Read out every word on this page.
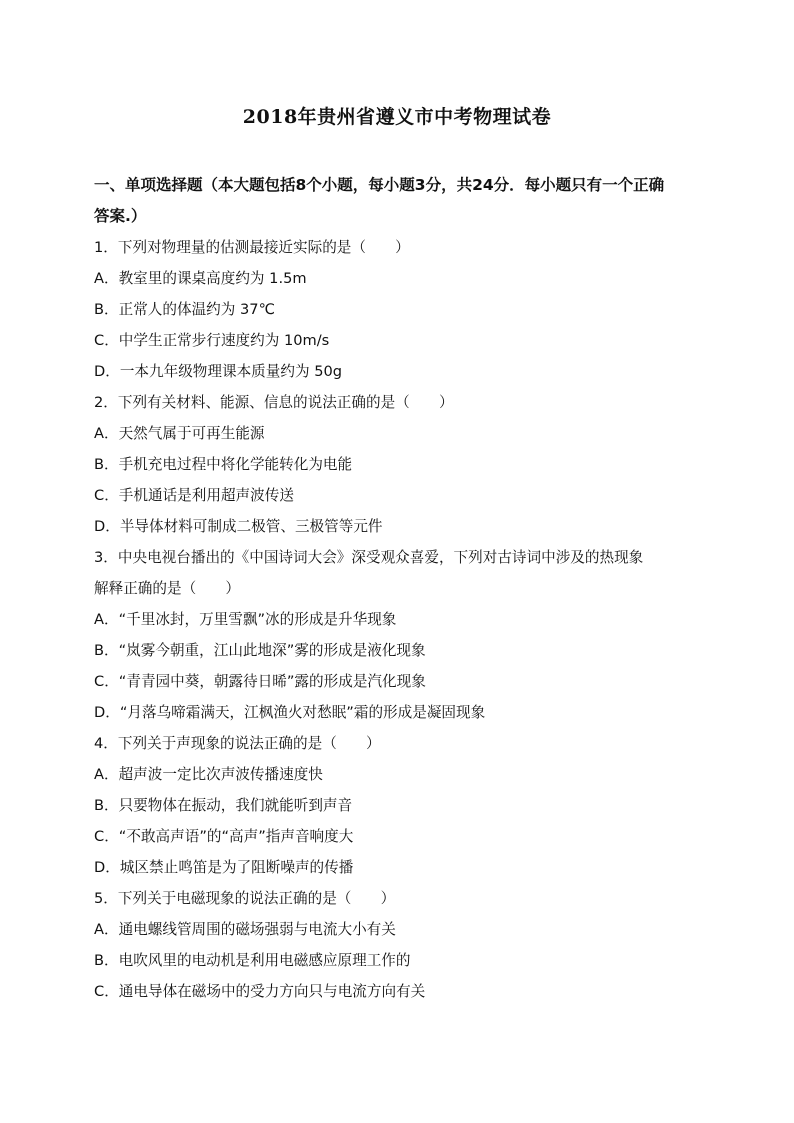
2018年贵州省遵义市中考物理试卷
一、单项选择题（本大题包括8个小题，每小题3分，共24分．每小题只有一个正确
答案.）
1．下列对物理量的估测最接近实际的是（　　）
A．教室里的课桌高度约为 1.5m
B．正常人的体温约为 37℃
C．中学生正常步行速度约为 10m/s
D．一本九年级物理课本质量约为 50g
2．下列有关材料、能源、信息的说法正确的是（　　）
A．天然气属于可再生能源
B．手机充电过程中将化学能转化为电能
C．手机通话是利用超声波传送
D．半导体材料可制成二极管、三极管等元件
3．中央电视台播出的《中国诗词大会》深受观众喜爱，下列对古诗词中涉及的热现象
解释正确的是（　　）
A．“千里冰封，万里雪飘”冰的形成是升华现象
B．“岚雾今朝重，江山此地深”雾的形成是液化现象
C．“青青园中葵，朝露待日晞”露的形成是汽化现象
D．“月落乌啼霜满天，江枫渔火对愁眠”霜的形成是凝固现象
4．下列关于声现象的说法正确的是（　　）
A．超声波一定比次声波传播速度快
B．只要物体在振动，我们就能听到声音
C．“不敢高声语”的“高声”指声音响度大
D．城区禁止鸣笛是为了阻断噪声的传播
5．下列关于电磁现象的说法正确的是（　　）
A．通电螺线管周围的磁场强弱与电流大小有关
B．电吹风里的电动机是利用电磁感应原理工作的
C．通电导体在磁场中的受力方向只与电流方向有关
